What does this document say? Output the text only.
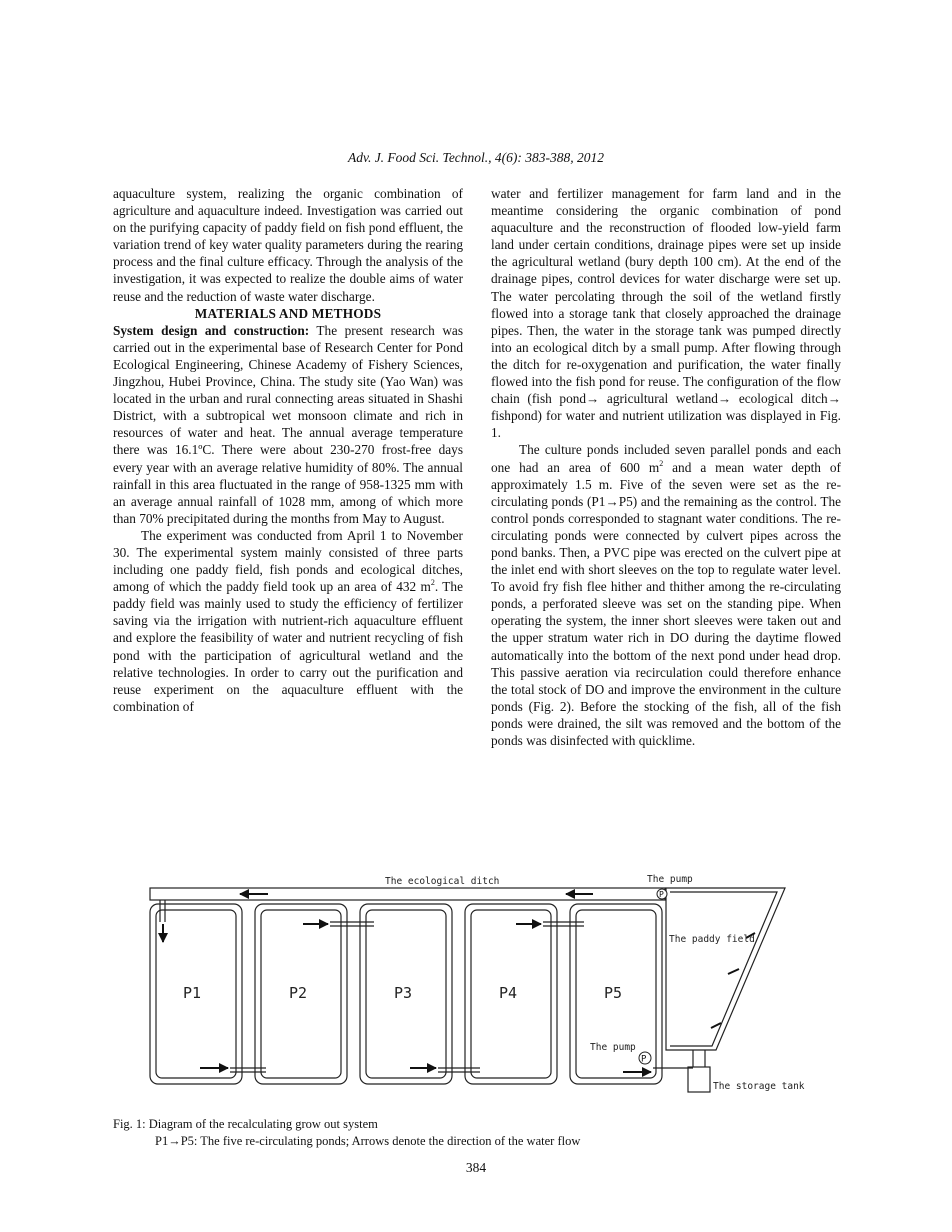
Adv. J. Food Sci. Technol., 4(6): 383-388, 2012

aquaculture system, realizing the organic combination of agriculture and aquaculture indeed. Investigation was carried out on the purifying capacity of paddy field on fish pond effluent, the variation trend of key water quality parameters during the rearing process and the final culture efficacy. Through the analysis of the investigation, it was expected to realize the double aims of water reuse and the reduction of waste water discharge.

MATERIALS AND METHODS

System design and construction: The present research was carried out in the experimental base of Research Center for Pond Ecological Engineering, Chinese Academy of Fishery Sciences, Jingzhou, Hubei Province, China. The study site (Yao Wan) was located in the urban and rural connecting areas situated in Shashi District, with a subtropical wet monsoon climate and rich in resources of water and heat. The annual average temperature there was 16.1ºC. There were about 230-270 frost-free days every year with an average relative humidity of 80%. The annual rainfall in this area fluctuated in the range of 958-1325 mm with an average annual rainfall of 1028 mm, among of which more than 70% precipitated during the months from May to August.

The experiment was conducted from April 1 to November 30. The experimental system mainly consisted of three parts including one paddy field, fish ponds and ecological ditches, among of which the paddy field took up an area of 432 $m^2$. The paddy field was mainly used to study the efficiency of fertilizer saving via the irrigation with nutrient-rich aquaculture effluent and explore the feasibility of water and nutrient recycling of fish pond with the participation of agricultural wetland and the relative technologies. In order to carry out the purification and reuse experiment on the aquaculture effluent with the combination of

water and fertilizer management for farm land and in the meantime considering the organic combination of pond aquaculture and the reconstruction of flooded low-yield farm land under certain conditions, drainage pipes were set up inside the agricultural wetland (bury depth 100 cm). At the end of the drainage pipes, control devices for water discharge were set up. The water percolating through the soil of the wetland firstly flowed into a storage tank that closely approached the drainage pipes. Then, the water in the storage tank was pumped directly into an ecological ditch by a small pump. After flowing through the ditch for re-oxygenation and purification, the water finally flowed into the fish pond for reuse. The configuration of the flow chain (fish pond→ agricultural wetland→ ecological ditch→ fishpond) for water and nutrient utilization was displayed in Fig. 1.

The culture ponds included seven parallel ponds and each one had an area of 600 $m^2$ and a mean water depth of approximately 1.5 m. Five of the seven were set as the re-circulating ponds (P1→P5) and the remaining as the control. The control ponds corresponded to stagnant water conditions. The re-circulating ponds were connected by culvert pipes across the pond banks. Then, a PVC pipe was erected on the culvert pipe at the inlet end with short sleeves on the top to regulate water level. To avoid fry fish flee hither and thither among the re-circulating ponds, a perforated sleeve was set on the standing pipe. When operating the system, the inner short sleeves were taken out and the upper stratum water rich in DO during the daytime flowed automatically into the bottom of the next pond under head drop. This passive aeration via recirculation could therefore enhance the total stock of DO and improve the environment in the culture ponds (Fig. 2). Before the stocking of the fish, all of the fish ponds were drained, the silt was removed and the bottom of the ponds was disinfected with quicklime.

P
P
The ecological ditch	The pump
The paddy field
The pump
The storage tank
P1	P2	P3	P4	P5
Fig. 1: Diagram of the recalculating grow out system
P1→P5: The five re-circulating ponds; Arrows denote the direction of the water flow
384
